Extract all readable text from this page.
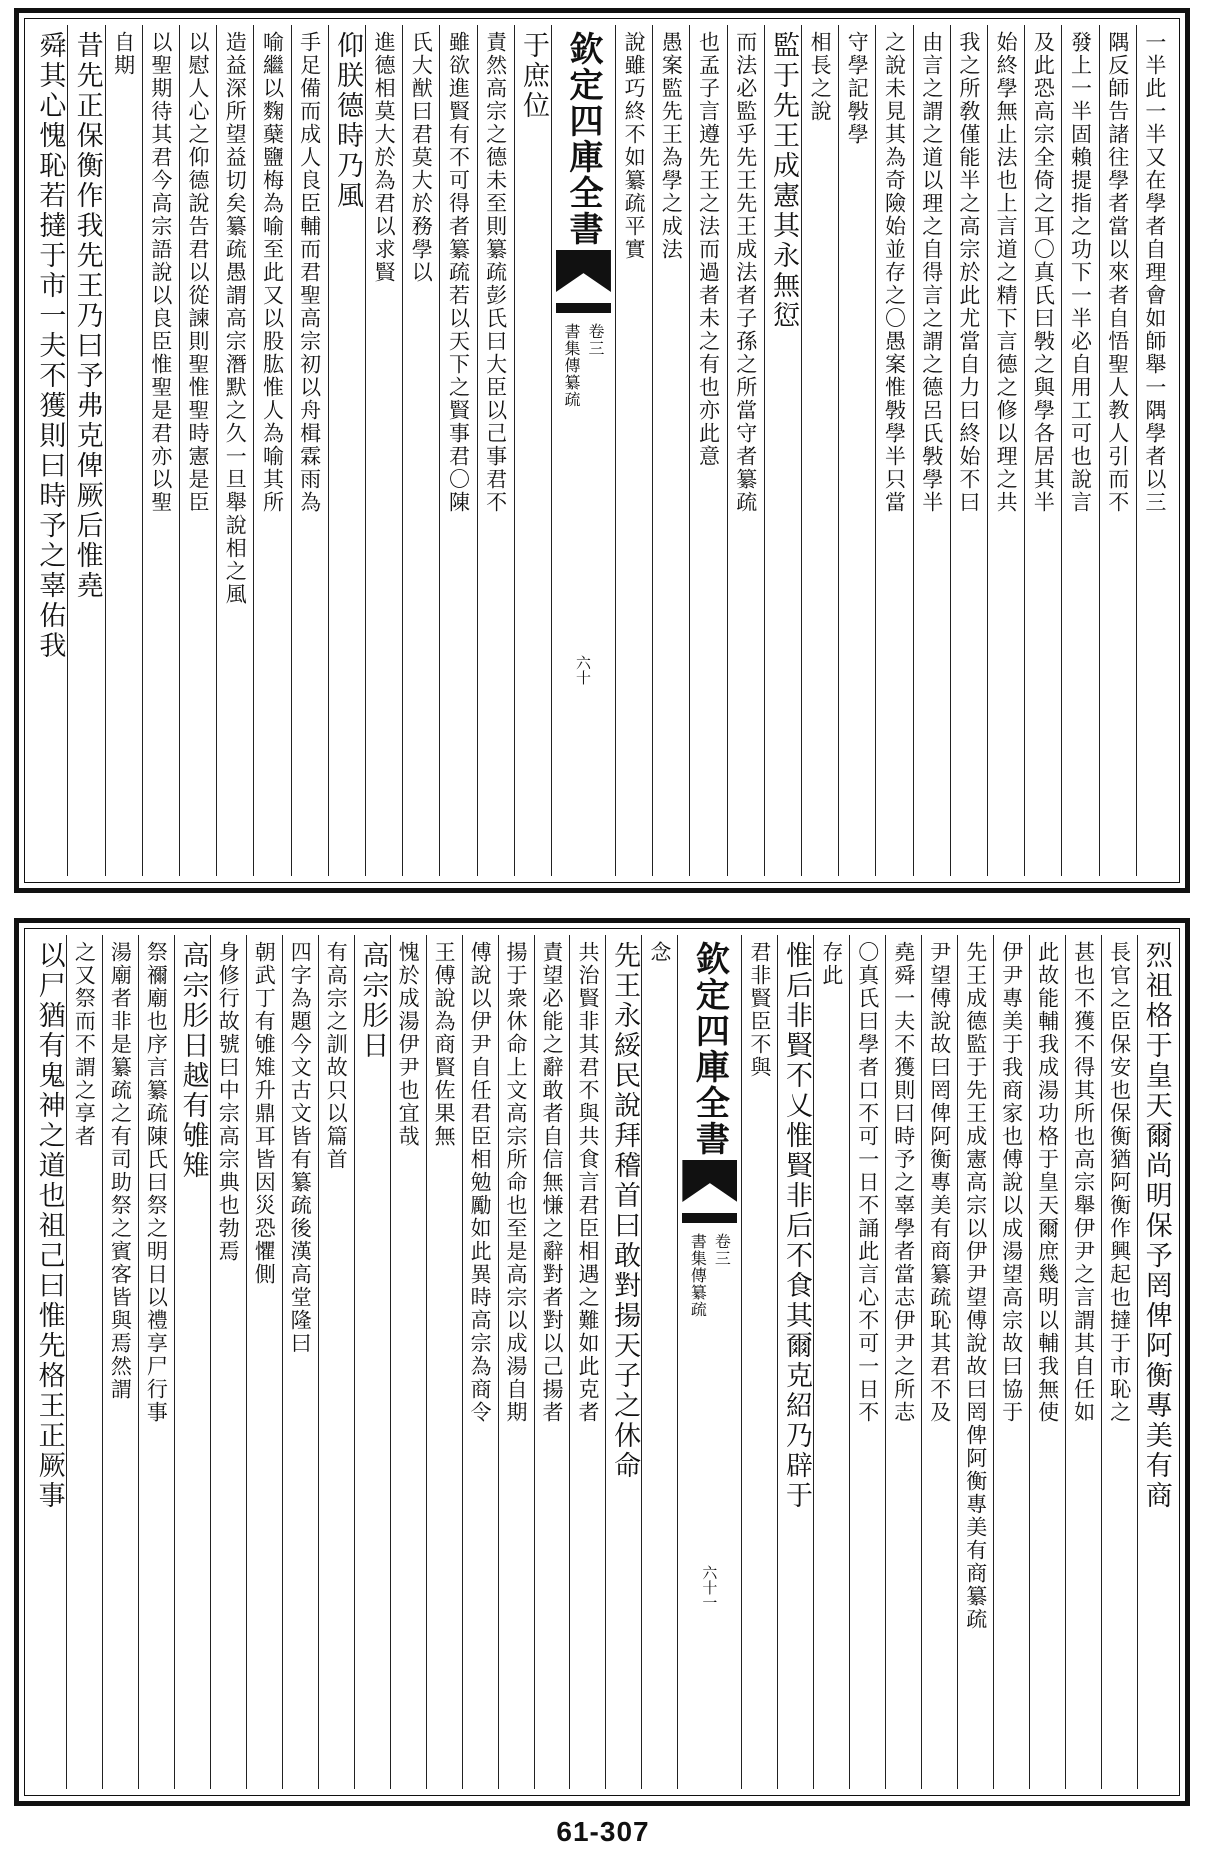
一半此一半又在學者自理會如師舉一隅學者以三
隅反師告諸往學者當以來者自悟聖人教人引而不
發上一半固賴提指之功下一半必自用工可也說言
及此恐高宗全倚之耳〇真氏曰斅之與學各居其半
始終學無止法也上言道之精下言德之修以理之共
我之所敎僅能半之高宗於此尤當自力曰終始不曰
由言之謂之道以理之自得言之謂之德呂氏斅學半
之說未見其為奇險始並存之〇愚案惟斅學半只當
守學記斅學
相長之說
監于先王成憲其永無愆
而法必監乎先王先王成法者子孫之所當守者纂疏
也孟子言遵先王之法而過者未之有也亦此意
愚案監先王為學之成法
說雖巧終不如纂疏平實
欽定四庫全書
書集傳纂疏 卷三
六十
于庶位
責然高宗之德未至則纂疏彭氏曰大臣以己事君不
雖欲進賢有不可得者纂疏若以天下之賢事君〇陳
氏大猷曰君莫大於務學以
進德相莫大於為君以求賢
仰朕德時乃風
手足備而成人良臣輔而君聖高宗初以舟楫霖雨為
喻繼以麴蘖鹽梅為喻至此又以股肱惟人為喻其所
造益深所望益切矣纂疏愚謂高宗潛默之久一旦舉說相之風
以慰人心之仰德說告君以從諫則聖惟聖時憲是臣
以聖期待其君今高宗語說以良臣惟聖是君亦以聖
自期
昔先正保衡作我先王乃曰予弗克俾厥后惟堯
舜其心愧恥若撻于市一夫不獲則曰時予之辜佑我
烈祖格于皇天爾尚明保予罔俾阿衡專美有商
長官之臣保安也保衡猶阿衡作興起也撻于市恥之
甚也不獲不得其所也高宗舉伊尹之言謂其自任如
此故能輔我成湯功格于皇天爾庶幾明以輔我無使
伊尹專美于我商家也傅說以成湯望高宗故曰協于
先王成德監于先王成憲高宗以伊尹望傅說故曰罔俾阿衡專美有商纂疏
尹望傅說故曰罔俾阿衡專美有商纂疏恥其君不及
堯舜一夫不獲則曰時予之辜學者當志伊尹之所志
〇真氏曰學者口不可一日不誦此言心不可一日不
存此
惟后非賢不乂惟賢非后不食其爾克紹乃辟于
君非賢臣不與
欽定四庫全書
書集傳纂疏 卷三
六十一
念
先王永綏民說拜稽首曰敢對揚天子之休命
共治賢非其君不與共食言君臣相遇之難如此克者
責望必能之辭敢者自信無慊之辭對者對以己揚者
揚于衆休命上文高宗所命也至是高宗以成湯自期
傅說以伊尹自任君臣相勉勵如此異時高宗為商令
王傅說為商賢佐果無
愧於成湯伊尹也宜哉
高宗肜日
有高宗之訓故只以篇首
四字為題今文古文皆有纂疏後漢高堂隆曰
朝武丁有雊雉升鼎耳皆因災恐懼側
身修行故號曰中宗高宗典也勃焉
高宗肜日越有雊雉
祭禰廟也序言纂疏陳氏曰祭之明日以禮享尸行事
湯廟者非是纂疏之有司助祭之賓客皆與焉然謂
之又祭而不謂之享者
以尸猶有鬼神之道也祖己曰惟先格王正厥事
61-307
